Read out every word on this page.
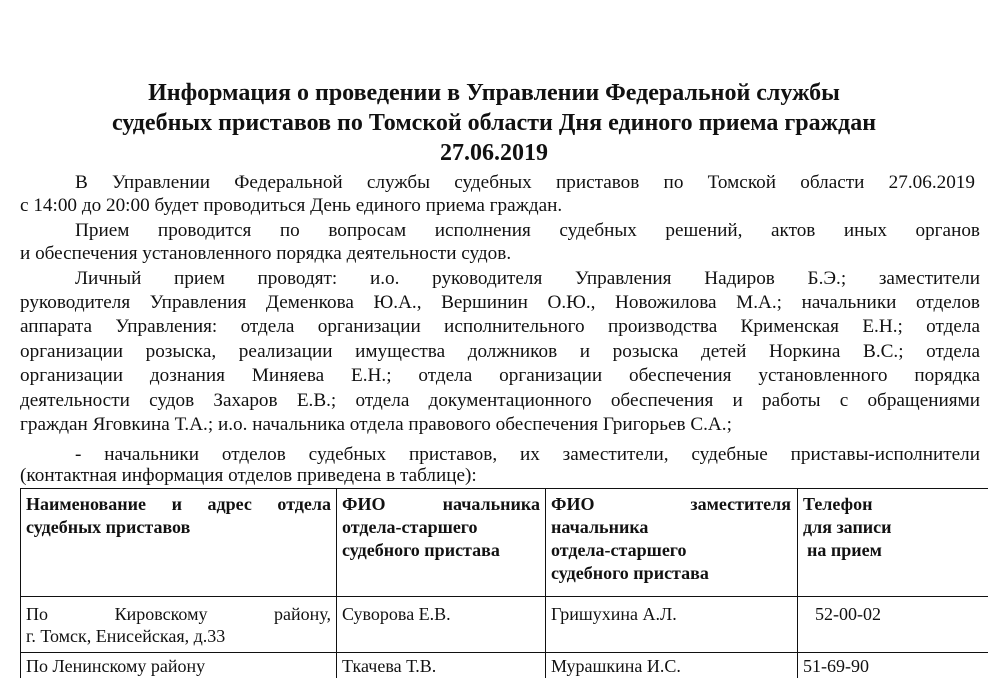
Информация о проведении в Управлении Федеральной службы
судебных приставов по Томской области Дня единого приема граждан
27.06.2019
В Управлении Федеральной службы судебных приставов по Томской области 27.06.2019
с 14:00 до 20:00 будет проводиться День единого приема граждан.
Прием проводится по вопросам исполнения судебных решений, актов иных органов
и обеспечения установленного порядка деятельности судов.
Личный прием проводят: и.о. руководителя Управления Надиров Б.Э.; заместители
руководителя Управления Деменкова Ю.А., Вершинин О.Ю., Новожилова М.А.; начальники отделов
аппарата Управления: отдела организации исполнительного производства Крименская Е.Н.; отдела
организации розыска, реализации имущества должников и розыска детей Норкина В.С.; отдела
организации дознания Миняева Е.Н.; отдела организации обеспечения установленного порядка
деятельности судов Захаров Е.В.; отдела документационного обеспечения и работы с обращениями
граждан Яговкина Т.А.; и.о. начальника отдела правового обеспечения Григорьев С.А.;
- начальники отделов судебных приставов, их заместители, судебные приставы-исполнители
(контактная информация отделов приведена в таблице):
Наименование и адрес отдела
судебных приставов	ФИО начальника
отдела-старшего
судебного пристава	ФИО заместителя
начальника
отдела-старшего
судебного пристава	Телефон
для записи
на прием

По Кировскому району,
г. Томск, Енисейская, д.33	Суворова Е.В.	Гришухина А.Л.	52-00-02

По Ленинскому району	Ткачева Т.В.	Мурашкина И.С.	51-69-90
